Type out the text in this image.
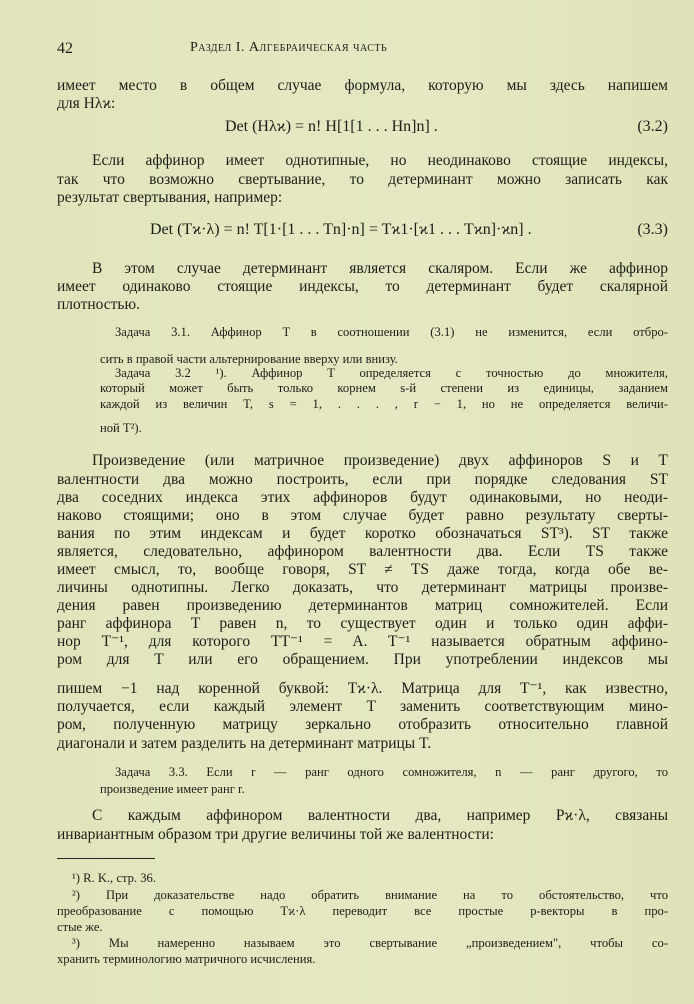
42	Раздел I. Алгебраическая часть
имеет место в общем случае формула, которую мы здесь напишем
для Hλϰ:
Det (Hλϰ) = n! H[1[1 . . . Hn]n] .	(3.2)
Если аффинор имеет однотипные, но неодинаково стоящие индексы,
так что возможно свертывание, то детерминант можно записать как
результат свертывания, например:
Det (Tϰ·λ) = n! T[1·[1 . . . Tn]·n] = Tϰ1·[ϰ1 . . . Tϰn]·ϰn] .	(3.3)
В этом случае детерминант является скаляром. Если же аффинор
имеет одинаково стоящие индексы, то детерминант будет скалярной
плотностью.
Задача 3.1. Аффинор T в соотношении (3.1) не изменится, если отбро-
сить в правой части альтернирование вверху или внизу.
Задача 3.2 ¹). Аффинор T определяется с точностью до множителя,
который может быть только корнем s-й степени из единицы, заданием
каждой из величин T, s = 1, . . . , r − 1, но не определяется величи-
ной T²).
Произведение (или матричное произведение) двух аффиноров S и T
валентности два можно построить, если при порядке следования ST
два соседних индекса этих аффиноров будут одинаковыми, но неоди-
наково стоящими; оно в этом случае будет равно результату сверты-
вания по этим индексам и будет коротко обозначаться ST³). ST также
является, следовательно, аффинором валентности два. Если TS также
имеет смысл, то, вообще говоря, ST ≠ TS даже тогда, когда обе ве-
личины однотипны. Легко доказать, что детерминант матрицы произве-
дения равен произведению детерминантов матриц сомножителей. Если
ранг аффинора T равен n, то существует один и только один аффи-
нор T⁻¹, для которого TT⁻¹ = A. T⁻¹ называется обратным аффино-
ром для T или его обращением. При употреблении индексов мы
пишем −1 над коренной буквой: Tϰ·λ. Матрица для T⁻¹, как известно,
получается, если каждый элемент T заменить соответствующим мино-
ром, полученную матрицу зеркально отобразить относительно главной
диагонали и затем разделить на детерминант матрицы T.
Задача 3.3. Если r — ранг одного сомножителя, n — ранг другого, то
произведение имеет ранг r.
С каждым аффинором валентности два, например Pϰ·λ, связаны
инвариантным образом три другие величины той же валентности:
¹) R. K., стр. 36.
²) При доказательстве надо обратить внимание на то обстоятельство, что
преобразование с помощью Tϰ·λ переводит все простые p-векторы в про-
стые же.
³) Мы намеренно называем это свертывание „произведением", чтобы со-
хранить терминологию матричного исчисления.
